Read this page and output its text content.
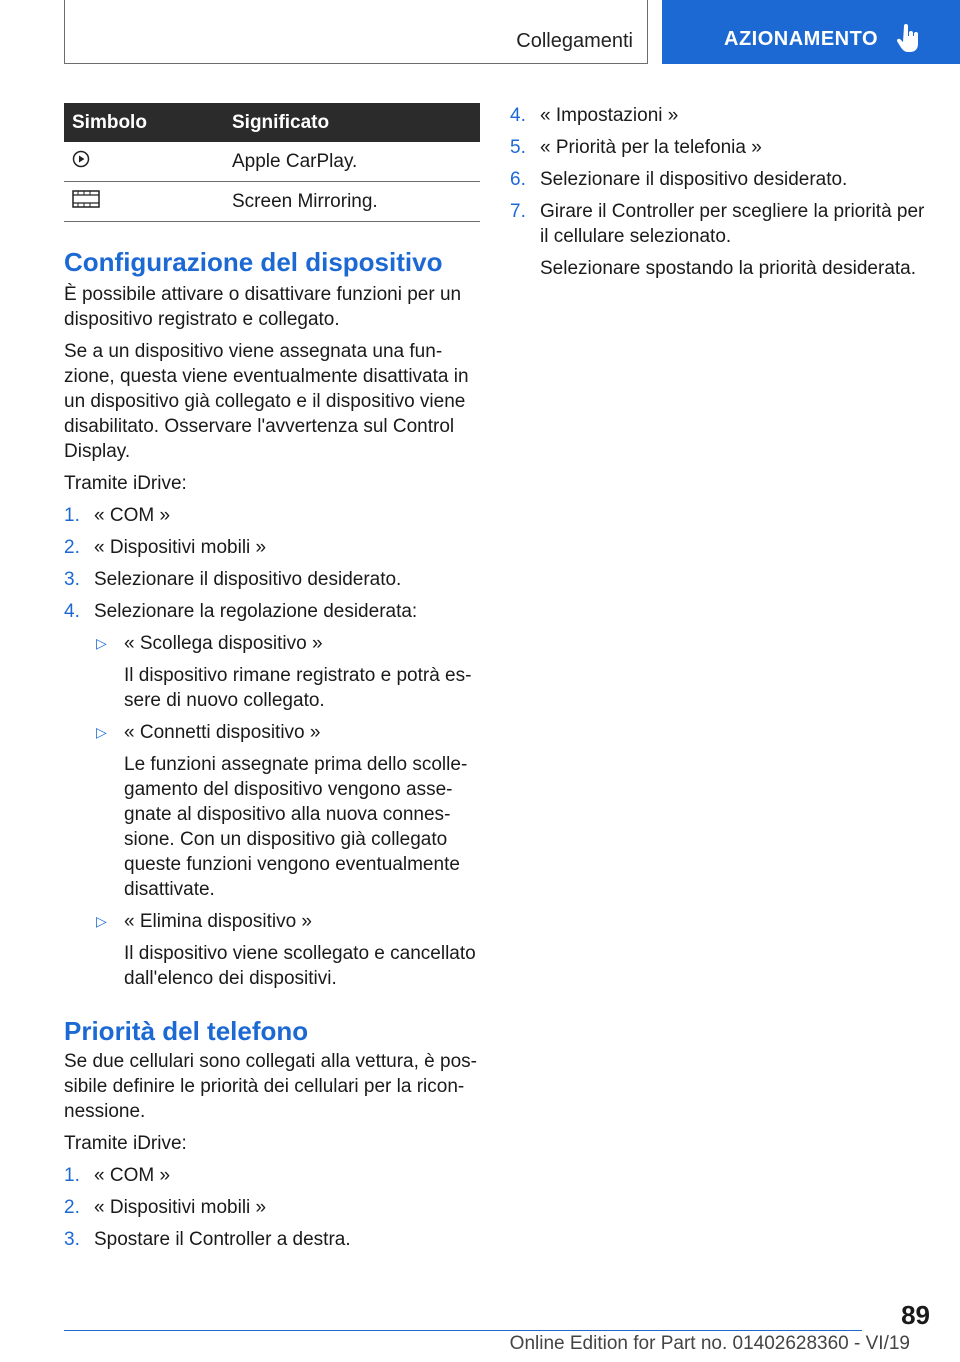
Collegamenti	AZIONAMENTO
Simbolo	Significato
	Apple CarPlay.
	Screen Mirroring.
Configurazione del dispositivo

È possibile attivare o disattivare funzioni per un dispositivo registrato e collegato.

Se a un dispositivo viene assegnata una funzione, questa viene eventualmente disattivata in un dispositivo già collegato e il dispositivo viene disabilitato. Osservare l'avvertenza sul Control Display.

Tramite iDrive:

1. « COM »
2. « Dispositivi mobili »
3. Selezionare il dispositivo desiderato.
4. Selezionare la regolazione desiderata:
▷ « Scollega dispositivo »

Il dispositivo rimane registrato e potrà essere di nuovo collegato.

▷ « Connetti dispositivo »

Le funzioni assegnate prima dello scollegamento del dispositivo vengono assegnate al dispositivo alla nuova connessione. Con un dispositivo già collegato queste funzioni vengono eventualmente disattivate.

▷ « Elimina dispositivo »

Il dispositivo viene scollegato e cancellato dall'elenco dei dispositivi.

Priorità del telefono

Se due cellulari sono collegati alla vettura, è possibile definire le priorità dei cellulari per la riconnessione.

Tramite iDrive:

1. « COM »
2. « Dispositivi mobili »
3. Spostare il Controller a destra.
4. « Impostazioni »
5. « Priorità per la telefonia »
6. Selezionare il dispositivo desiderato.
7. Girare il Controller per scegliere la priorità per il cellulare selezionato.

Selezionare spostando la priorità desiderata.

89
Online Edition for Part no. 01402628360 - VI/19
